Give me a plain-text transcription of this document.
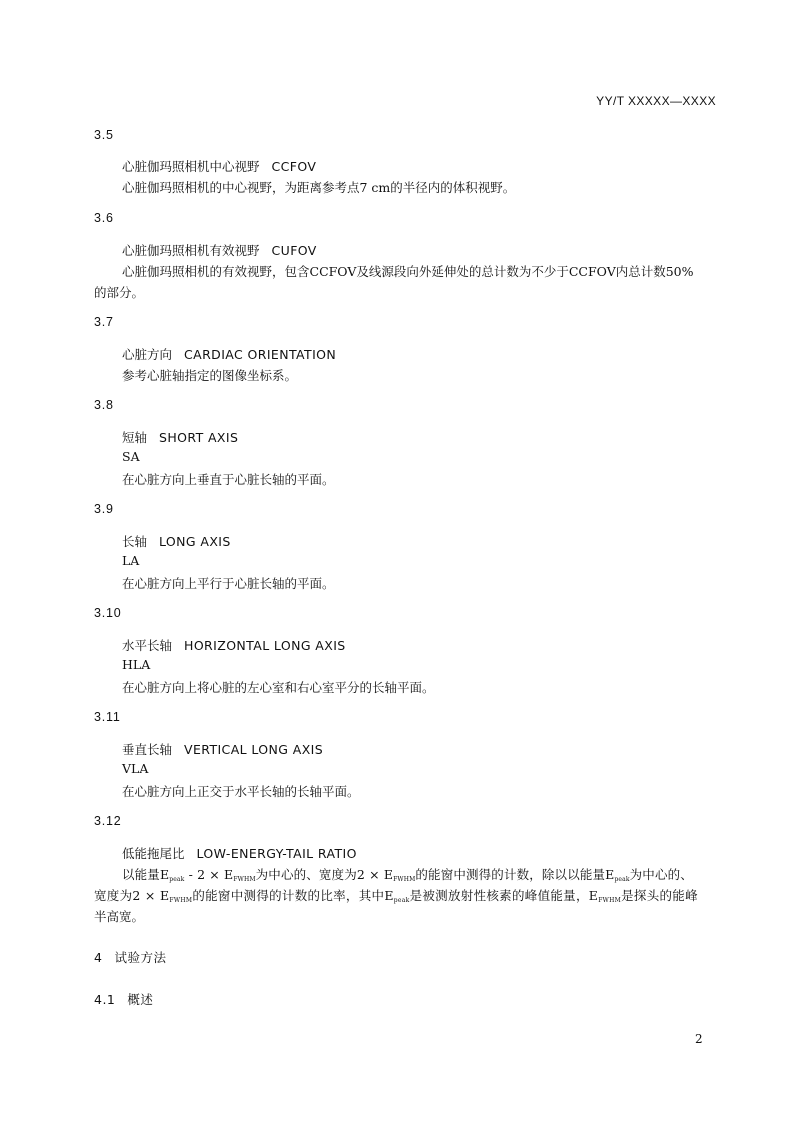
YY/T XXXXX—XXXX
3.5
心脏伽玛照相机中心视野 CCFOV
心脏伽玛照相机的中心视野，为距离参考点7 cm的半径内的体积视野。
3.6
心脏伽玛照相机有效视野 CUFOV
心脏伽玛照相机的有效视野，包含CCFOV及线源段向外延伸处的总计数为不少于CCFOV内总计数50%
的部分。
3.7
心脏方向 CARDIAC ORIENTATION
参考心脏轴指定的图像坐标系。
3.8
短轴 SHORT AXIS
SA
在心脏方向上垂直于心脏长轴的平面。
3.9
长轴 LONG AXIS
LA
在心脏方向上平行于心脏长轴的平面。
3.10
水平长轴 HORIZONTAL LONG AXIS
HLA
在心脏方向上将心脏的左心室和右心室平分的长轴平面。
3.11
垂直长轴 VERTICAL LONG AXIS
VLA
在心脏方向上正交于水平长轴的长轴平面。
3.12
低能拖尾比 LOW-ENERGY-TAIL RATIO
以能量$E_{peak} - 2 \times E_{FWHM}$为中心的、宽度为$2 \times E_{FWHM}$的能窗中测得的计数，除以以能量$E_{peak}$为中心的、
宽度为$2 \times E_{FWHM}$的能窗中测得的计数的比率，其中$E_{peak}$是被测放射性核素的峰值能量，$E_{FWHM}$是探头的能峰
半高宽。
4 试验方法
4.1 概述
2
